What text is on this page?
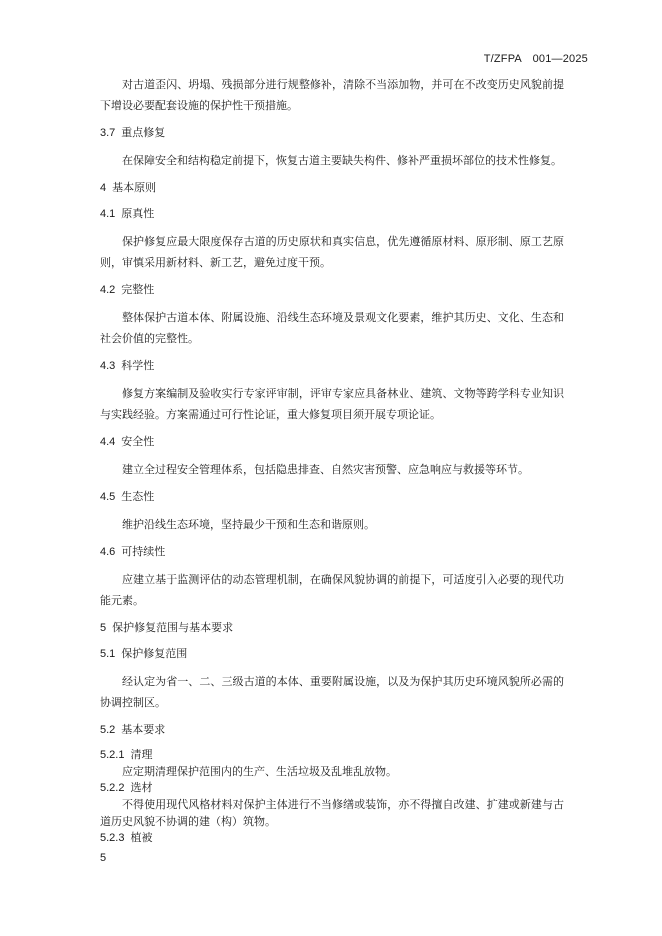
T/ZFPA　001—2025

对古道歪闪、坍塌、残损部分进行规整修补，清除不当添加物，并可在不改变历史风貌前提下增设必要配套设施的保护性干预措施。

3.7 重点修复

在保障安全和结构稳定前提下，恢复古道主要缺失构件、修补严重损坏部位的技术性修复。

4 基本原则
4.1 原真性

保护修复应最大限度保存古道的历史原状和真实信息，优先遵循原材料、原形制、原工艺原则，审慎采用新材料、新工艺，避免过度干预。

4.2 完整性

整体保护古道本体、附属设施、沿线生态环境及景观文化要素，维护其历史、文化、生态和社会价值的完整性。

4.3 科学性

修复方案编制及验收实行专家评审制，评审专家应具备林业、建筑、文物等跨学科专业知识与实践经验。方案需通过可行性论证，重大修复项目须开展专项论证。

4.4 安全性

建立全过程安全管理体系，包括隐患排查、自然灾害预警、应急响应与救援等环节。

4.5 生态性

维护沿线生态环境，坚持最少干预和生态和谐原则。

4.6 可持续性

应建立基于监测评估的动态管理机制，在确保风貌协调的前提下，可适度引入必要的现代功能元素。

5 保护修复范围与基本要求
5.1 保护修复范围

经认定为省一、二、三级古道的本体、重要附属设施，以及为保护其历史环境风貌所必需的协调控制区。

5.2 基本要求
5.2.1 清理

应定期清理保护范围内的生产、生活垃圾及乱堆乱放物。

5.2.2 选材

不得使用现代风格材料对保护主体进行不当修缮或装饰，亦不得擅自改建、扩建或新建与古道历史风貌不协调的建（构）筑物。

5.2.3 植被
5
